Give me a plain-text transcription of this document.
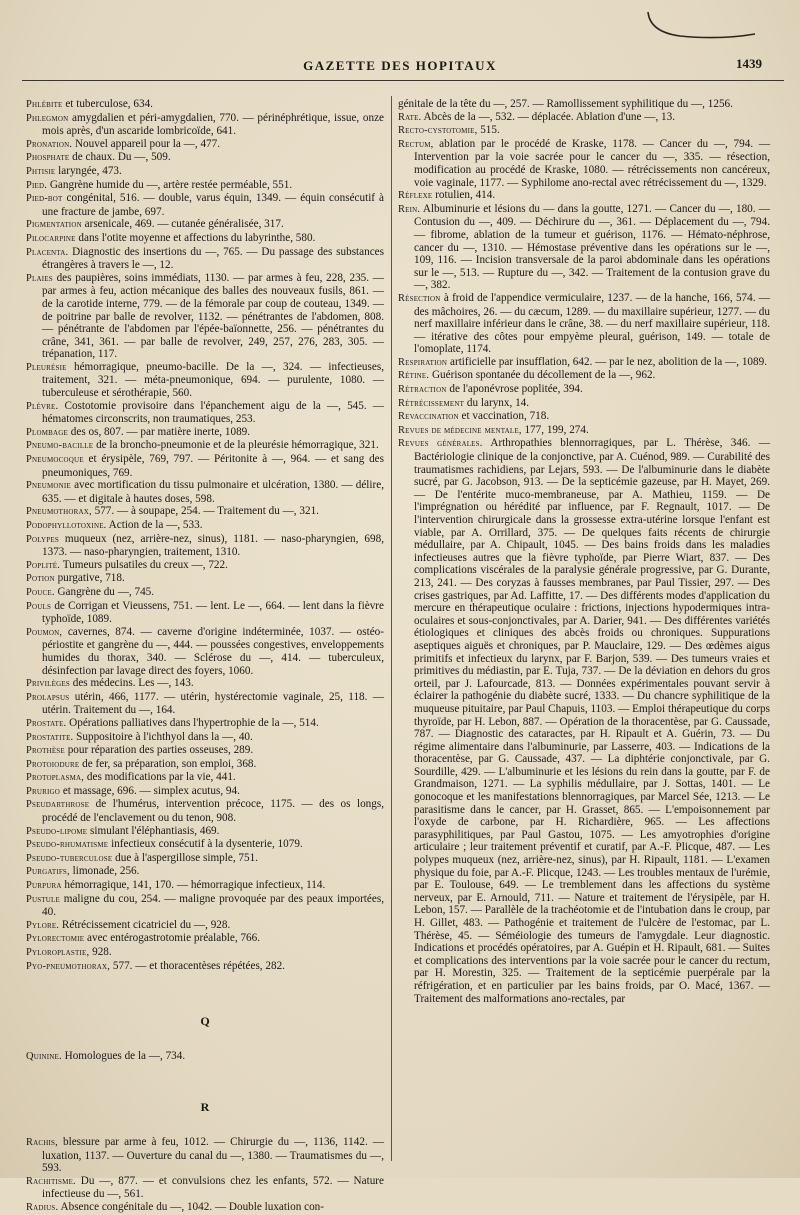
GAZETTE DES HOPITAUX	1439

Phlébite et tuberculose, 634.

Phlegmon amygdalien et péri-amygdalien, 770. — périnéphrétique, issue, onze mois après, d'un ascaride lombricoïde, 641.

Pronation. Nouvel appareil pour la —, 477.

Phosphate de chaux. Du —, 509.

Phtisie laryngée, 473.

Pied. Gangrène humide du —, artère restée perméable, 551.

Pied-bot congénital, 516. — double, varus équin, 1349. — équin consécutif à une fracture de jambe, 697.

Pigmentation arsenicale, 469. — cutanée généralisée, 317.

Pilocarpine dans l'otite moyenne et affections du labyrinthe, 580.

Placenta. Diagnostic des insertions du —, 765. — Du passage des substances étrangères à travers le —, 12.

Plaies des paupières, soins immédiats, 1130. — par armes à feu, 228, 235. — par armes à feu, action mécanique des balles des nouveaux fusils, 861. — de la carotide interne, 779. — de la fémorale par coup de couteau, 1349. — de poitrine par balle de revolver, 1132. — pénétrantes de l'abdomen, 808. — pénétrante de l'abdomen par l'épée-baïonnette, 256. — pénétrantes du crâne, 341, 361. — par balle de revolver, 249, 257, 276, 283, 305. — trépanation, 117.

Pleurésie hémorragique, pneumo-bacille. De la —, 324. — infectieuses, traitement, 321. — méta-pneumonique, 694. — purulente, 1080. — tuberculeuse et sérothérapie, 560.

Plèvre. Costotomie provisoire dans l'épanchement aigu de la —, 545. — hématomes circonscrits, non traumatiques, 253.

Plombage des os, 807. — par matière inerte, 1089.

Pneumo-bacille de la broncho-pneumonie et de la pleurésie hémorragique, 321.

Pneumocoque et érysipèle, 769, 797. — Péritonite à —, 964. — et sang des pneumoniques, 769.

Pneumonie avec mortification du tissu pulmonaire et ulcération, 1380. — délire, 635. — et digitale à hautes doses, 598.

Pneumothorax, 577. — à soupape, 254. — Traitement du —, 321.

Podophyllotoxine. Action de la —, 533.

Polypes muqueux (nez, arrière-nez, sinus), 1181. — naso-pharyngien, 698, 1373. — naso-pharyngien, traitement, 1310.

Poplité. Tumeurs pulsatiles du creux —, 722.

Potion purgative, 718.

Pouce. Gangrène du —, 745.

Pouls de Corrigan et Vieussens, 751. — lent. Le —, 664. — lent dans la fièvre typhoïde, 1089.

Poumon, cavernes, 874. — caverne d'origine indéterminée, 1037. — ostéo-périostite et gangrène du —, 444. — poussées congestives, enveloppements humides du thorax, 340. — Sclérose du —, 414. — tuberculeux, désinfection par lavage direct des foyers, 1060.

Privilèges des médecins. Les —, 143.

Prolapsus utérin, 466, 1177. — utérin, hystérectomie vaginale, 25, 118. — utérin. Traitement du —, 164.

Prostate. Opérations palliatives dans l'hypertrophie de la —, 514.

Prostatite. Suppositoire à l'ichthyol dans la —, 40.

Prothèse pour réparation des parties osseuses, 289.

Protoiodure de fer, sa préparation, son emploi, 368.

Protoplasma, des modifications par la vie, 441.

Prurigo et massage, 696. — simplex acutus, 94.

Pseudarthrose de l'humérus, intervention précoce, 1175. — des os longs, procédé de l'enclavement ou du tenon, 908.

Pseudo-lipome simulant l'éléphantiasis, 469.

Pseudo-rhumatisme infectieux consécutif à la dysenterie, 1079.

Pseudo-tuberculose due à l'aspergillose simple, 751.

Purgatifs, limonade, 256.

Purpura hémorragique, 141, 170. — hémorragique infectieux, 114.

Pustule maligne du cou, 254. — maligne provoquée par des peaux importées, 40.

Pylore. Rétrécissement cicatriciel du —, 928.

Pylorectomie avec entérogastrotomie préalable, 766.

Pyloroplastie, 928.

Pyo-pneumothorax, 577. — et thoracentèses répétées, 282.

Q

Quinine. Homologues de la —, 734.

R

Rachis, blessure par arme à feu, 1012. — Chirurgie du —, 1136, 1142. — luxation, 1137. — Ouverture du canal du —, 1380. — Traumatismes du —, 593.

Rachitisme. Du —, 877. — et convulsions chez les enfants, 572. — Nature infectieuse du —, 561.

Radius. Absence congénitale du —, 1042. — Double luxation con-

génitale de la tête du —, 257. — Ramollissement syphilitique du —, 1256.

Rate. Abcès de la —, 532. — déplacée. Ablation d'une —, 13.

Recto-cystotomie, 515.

Rectum, ablation par le procédé de Kraske, 1178. — Cancer du —, 794. — Intervention par la voie sacrée pour le cancer du —, 335. — résection, modification au procédé de Kraske, 1080. — rétrécissements non cancéreux, voie vaginale, 1177. — Syphilome ano-rectal avec rétrécissement du —, 1329.

Réflexe rotulien, 414.

Rein. Albuminurie et lésions du — dans la goutte, 1271. — Cancer du —, 180. — Contusion du —, 409. — Déchirure du —, 361. — Déplacement du —, 794. — fibrome, ablation de la tumeur et guérison, 1176. — Hémato-néphrose, cancer du —, 1310. — Hémostase préventive dans les opérations sur le —, 109, 116. — Incision transversale de la paroi abdominale dans les opérations sur le —, 513. — Rupture du —, 342. — Traitement de la contusion grave du —, 382.

Résection à froid de l'appendice vermiculaire, 1237. — de la hanche, 166, 574. — des mâchoires, 26. — du cæcum, 1289. — du maxillaire supérieur, 1277. — du nerf maxillaire inférieur dans le crâne, 38. — du nerf maxillaire supérieur, 118. — itérative des côtes pour empyème pleural, guérison, 149. — totale de l'omoplate, 1174.

Respiration artificielle par insufflation, 642. — par le nez, abolition de la —, 1089.

Rétine. Guérison spontanée du décollement de la —, 962.

Rétraction de l'aponévrose poplitée, 394.

Rétrécissement du larynx, 14.

Revaccination et vaccination, 718.

Revues de médecine mentale, 177, 199, 274.

Revues générales. Arthropathies blennorragiques, par L. Thérèse, 346. — Bactériologie clinique de la conjonctive, par A. Cuénod, 989. — Curabilité des traumatismes rachidiens, par Lejars, 593. — De l'albuminurie dans le diabète sucré, par G. Jacobson, 913. — De la septicémie gazeuse, par H. Mayet, 269. — De l'entérite muco-membraneuse, par A. Mathieu, 1159. — De l'imprégnation ou hérédité par influence, par F. Regnault, 1017. — De l'intervention chirurgicale dans la grossesse extra-utérine lorsque l'enfant est viable, par A. Orrillard, 375. — De quelques faits récents de chirurgie médullaire, par A. Chipault, 1045. — Des bains froids dans les maladies infectieuses autres que la fièvre typhoïde, par Pierre Wiart, 837. — Des complications viscérales de la paralysie générale progressive, par G. Durante, 213, 241. — Des coryzas à fausses membranes, par Paul Tissier, 297. — Des crises gastriques, par Ad. Laffitte, 17. — Des différents modes d'application du mercure en thérapeutique oculaire : frictions, injections hypodermiques intra-oculaires et sous-conjonctivales, par A. Darier, 941. — Des différentes variétés étiologiques et cliniques des abcès froids ou chroniques. Suppurations aseptiques aiguës et chroniques, par P. Mauclaire, 129. — Des œdèmes aigus primitifs et infectieux du larynx, par F. Barjon, 539. — Des tumeurs vraies et primitives du médiastin, par E. Tuja, 737. — De la déviation en dehors du gros orteil, par J. Lafourcade, 813. — Données expérimentales pouvant servir à éclairer la pathogénie du diabète sucré, 1333. — Du chancre syphilitique de la muqueuse pituitaire, par Paul Chapuis, 1103. — Emploi thérapeutique du corps thyroïde, par H. Lebon, 887. — Opération de la thoracentèse, par G. Caussade, 787. — Diagnostic des cataractes, par H. Ripault et A. Guérin, 73. — Du régime alimentaire dans l'albuminurie, par Lasserre, 403. — Indications de la thoracentèse, par G. Caussade, 437. — La diphtérie conjonctivale, par G. Sourdille, 429. — L'albuminurie et les lésions du rein dans la goutte, par F. de Grandmaison, 1271. — La syphilis médullaire, par J. Sottas, 1401. — Le gonocoque et les manifestations blennorragiques, par Marcel Sée, 1213. — Le parasitisme dans le cancer, par H. Grasset, 865. — L'empoisonnement par l'oxyde de carbone, par H. Richardière, 965. — Les affections parasyphilitiques, par Paul Gastou, 1075. — Les amyotrophies d'origine articulaire ; leur traitement préventif et curatif, par A.-F. Plicque, 487. — Les polypes muqueux (nez, arrière-nez, sinus), par H. Ripault, 1181. — L'examen physique du foie, par A.-F. Plicque, 1243. — Les troubles mentaux de l'urémie, par E. Toulouse, 649. — Le tremblement dans les affections du système nerveux, par E. Arnould, 711. — Nature et traitement de l'érysipèle, par H. Lebon, 157. — Parallèle de la trachéotomie et de l'intubation dans le croup, par H. Gillet, 483. — Pathogénie et traitement de l'ulcère de l'estomac, par L. Thérèse, 45. — Séméiologie des tumeurs de l'amygdale. Leur diagnostic. Indications et procédés opératoires, par A. Guépin et H. Ripault, 681. — Suites et complications des interventions par la voie sacrée pour le cancer du rectum, par H. Morestin, 325. — Traitement de la septicémie puerpérale par la réfrigération, et en particulier par les bains froids, par O. Macé, 1367. — Traitement des malformations ano-rectales, par
